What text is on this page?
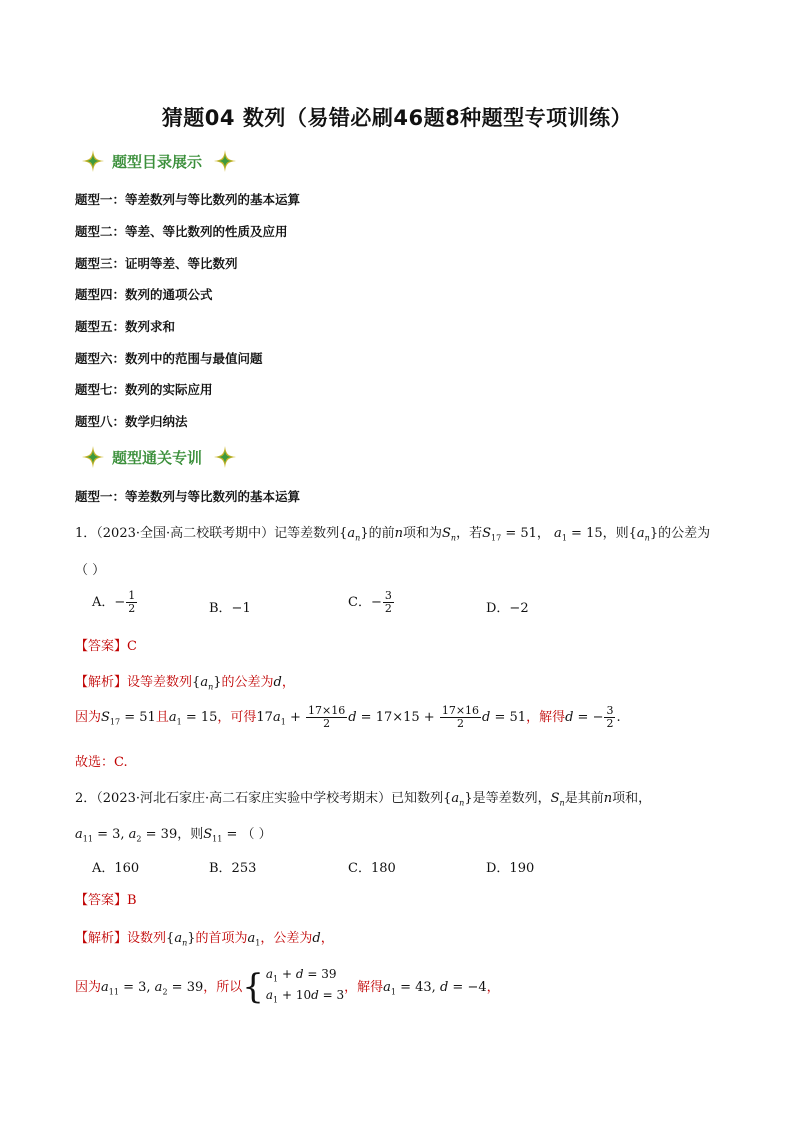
猜题04 数列（易错必刷46题8种题型专项训练）
题型目录展示
题型一：等差数列与等比数列的基本运算
题型二：等差、等比数列的性质及应用
题型三：证明等差、等比数列
题型四：数列的通项公式
题型五：数列求和
题型六：数列中的范围与最值问题
题型七：数列的实际应用
题型八：数学归纳法
题型通关专训
题型一：等差数列与等比数列的基本运算
1．（2023·全国·高二校联考期中）记等差数列$\{a_n\}$的前n项和为$S_n$，若$S_{17} = 51$， $a_1 = 15$，则$\{a_n\}$的公差为
（ ）
A．− $\frac{1}{2}$	B．−1	C．− $\frac{3}{2}$	D．−2
【答案】C
【解析】设等差数列$\{a_n\}$的公差为d，
因为$S_{17} = 51$且$a_1 = 15$，可得$17a_1 + \frac{17\times 16}{2}$ $d = 17\times 15 + \frac{17\times 16}{2}$ d = 51，解得d = − $\frac{3}{2}$ .
故选：C.
2．（2023·河北石家庄·高二石家庄实验中学校考期末）已知数列$\{a_n\}$是等差数列，$S_n$是其前n项和，
$a_{11} = 3$, $a_2 = 39$，则$S_{11}$ = （ ）
A．160	B．253	C．180	D．190
【答案】B
【解析】设数列$\{a_n\}$的首项为$a_1$，公差为d，
因为$a_{11} = 3$, $a_2 = 39$，所以 { $a_1 + d = 39$
$a_1 + 10d = 3$
，解得$a_1 = 43$, d = −4，
